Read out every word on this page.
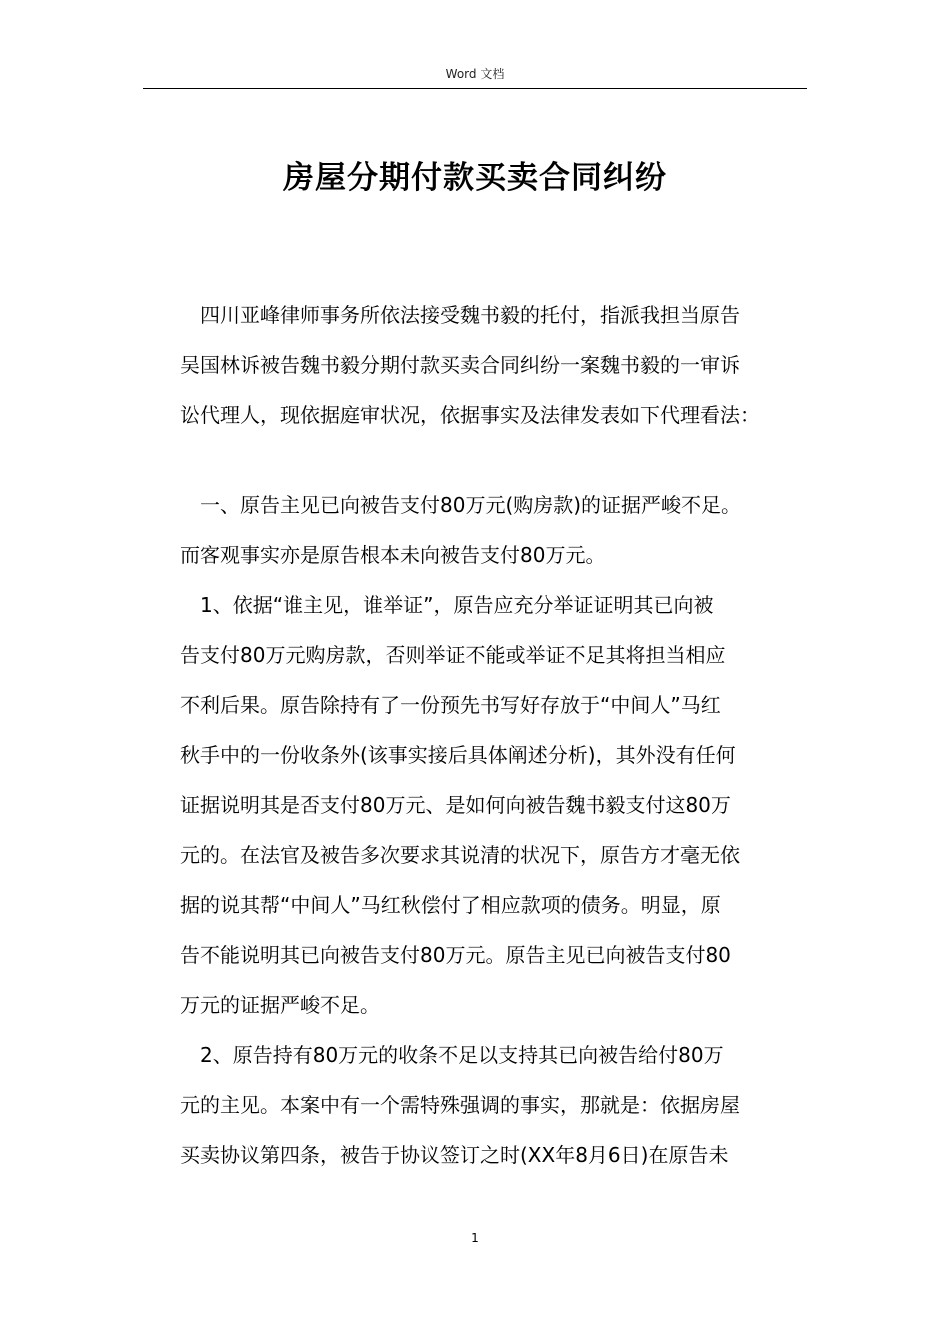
Word 文档
房屋分期付款买卖合同纠纷
　四川亚峰律师事务所依法接受魏书毅的托付，指派我担当原告
吴国林诉被告魏书毅分期付款买卖合同纠纷一案魏书毅的一审诉
讼代理人，现依据庭审状况，依据事实及法律发表如下代理看法：
　一、原告主见已向被告支付80万元(购房款)的证据严峻不足。
而客观事实亦是原告根本未向被告支付80万元。
　1、依据“谁主见，谁举证”，原告应充分举证证明其已向被
告支付80万元购房款，否则举证不能或举证不足其将担当相应
不利后果。原告除持有了一份预先书写好存放于“中间人”马红
秋手中的一份收条外(该事实接后具体阐述分析)，其外没有任何
证据说明其是否支付80万元、是如何向被告魏书毅支付这80万
元的。在法官及被告多次要求其说清的状况下，原告方才毫无依
据的说其帮“中间人”马红秋偿付了相应款项的债务。明显，原
告不能说明其已向被告支付80万元。原告主见已向被告支付80
万元的证据严峻不足。
　2、原告持有80万元的收条不足以支持其已向被告给付80万
元的主见。本案中有一个需特殊强调的事实，那就是：依据房屋
买卖协议第四条，被告于协议签订之时(XX年8月6日)在原告未
1
